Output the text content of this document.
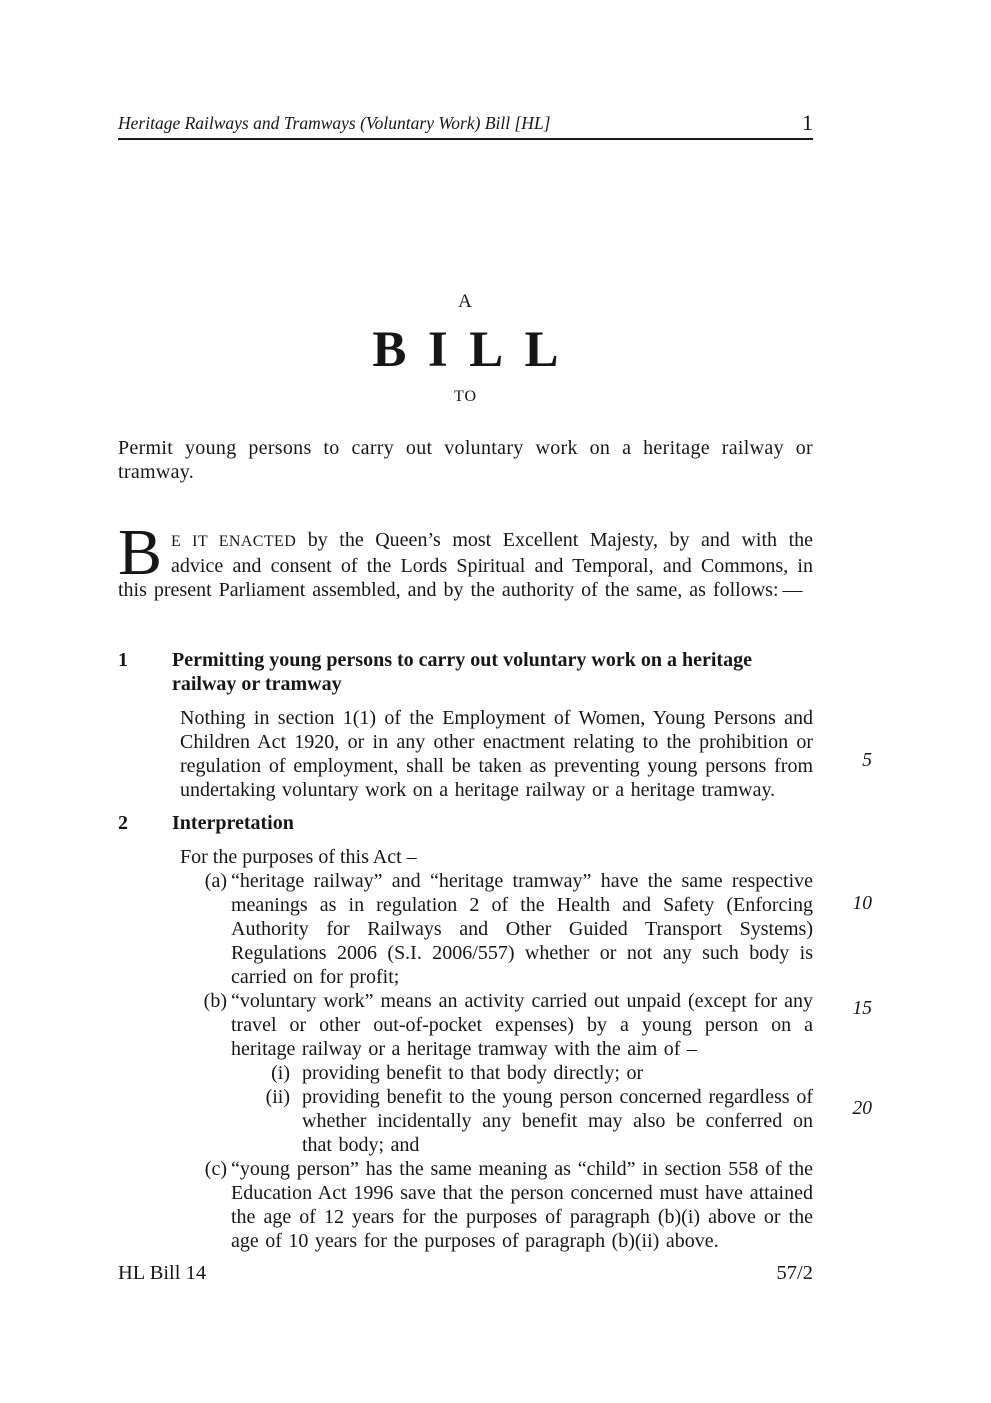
Heritage Railways and Tramways (Voluntary Work) Bill [HL]	1
A
BILL
TO

Permit young persons to carry out voluntary work on a heritage railway or tramway.

B E IT ENACTED by the Queen’s most Excellent Majesty, by and with the advice and consent of the Lords Spiritual and Temporal, and Commons, in this present Parliament assembled, and by the authority of the same, as follows: —

1	Permitting young persons to carry out voluntary work on a heritage railway or tramway

Nothing in section 1(1) of the Employment of Women, Young Persons and Children Act 1920, or in any other enactment relating to the prohibition or regulation of employment, shall be taken as preventing young persons from undertaking voluntary work on a heritage railway or a heritage tramway.

2	Interpretation

For the purposes of this Act –

(a) “heritage railway” and “heritage tramway” have the same respective meanings as in regulation 2 of the Health and Safety (Enforcing Authority for Railways and Other Guided Transport Systems) Regulations 2006 (S.I. 2006/557) whether or not any such body is carried on for profit;

(b) “voluntary work” means an activity carried out unpaid (except for any travel or other out-of-pocket expenses) by a young person on a heritage railway or a heritage tramway with the aim of –

(i) providing benefit to that body directly; or

(ii) providing benefit to the young person concerned regardless of whether incidentally any benefit may also be conferred on that body; and

(c) “young person” has the same meaning as “child” in section 558 of the Education Act 1996 save that the person concerned must have attained the age of 12 years for the purposes of paragraph (b)(i) above or the age of 10 years for the purposes of paragraph (b)(ii) above.

5
10
15
20
HL Bill 14	57/2
